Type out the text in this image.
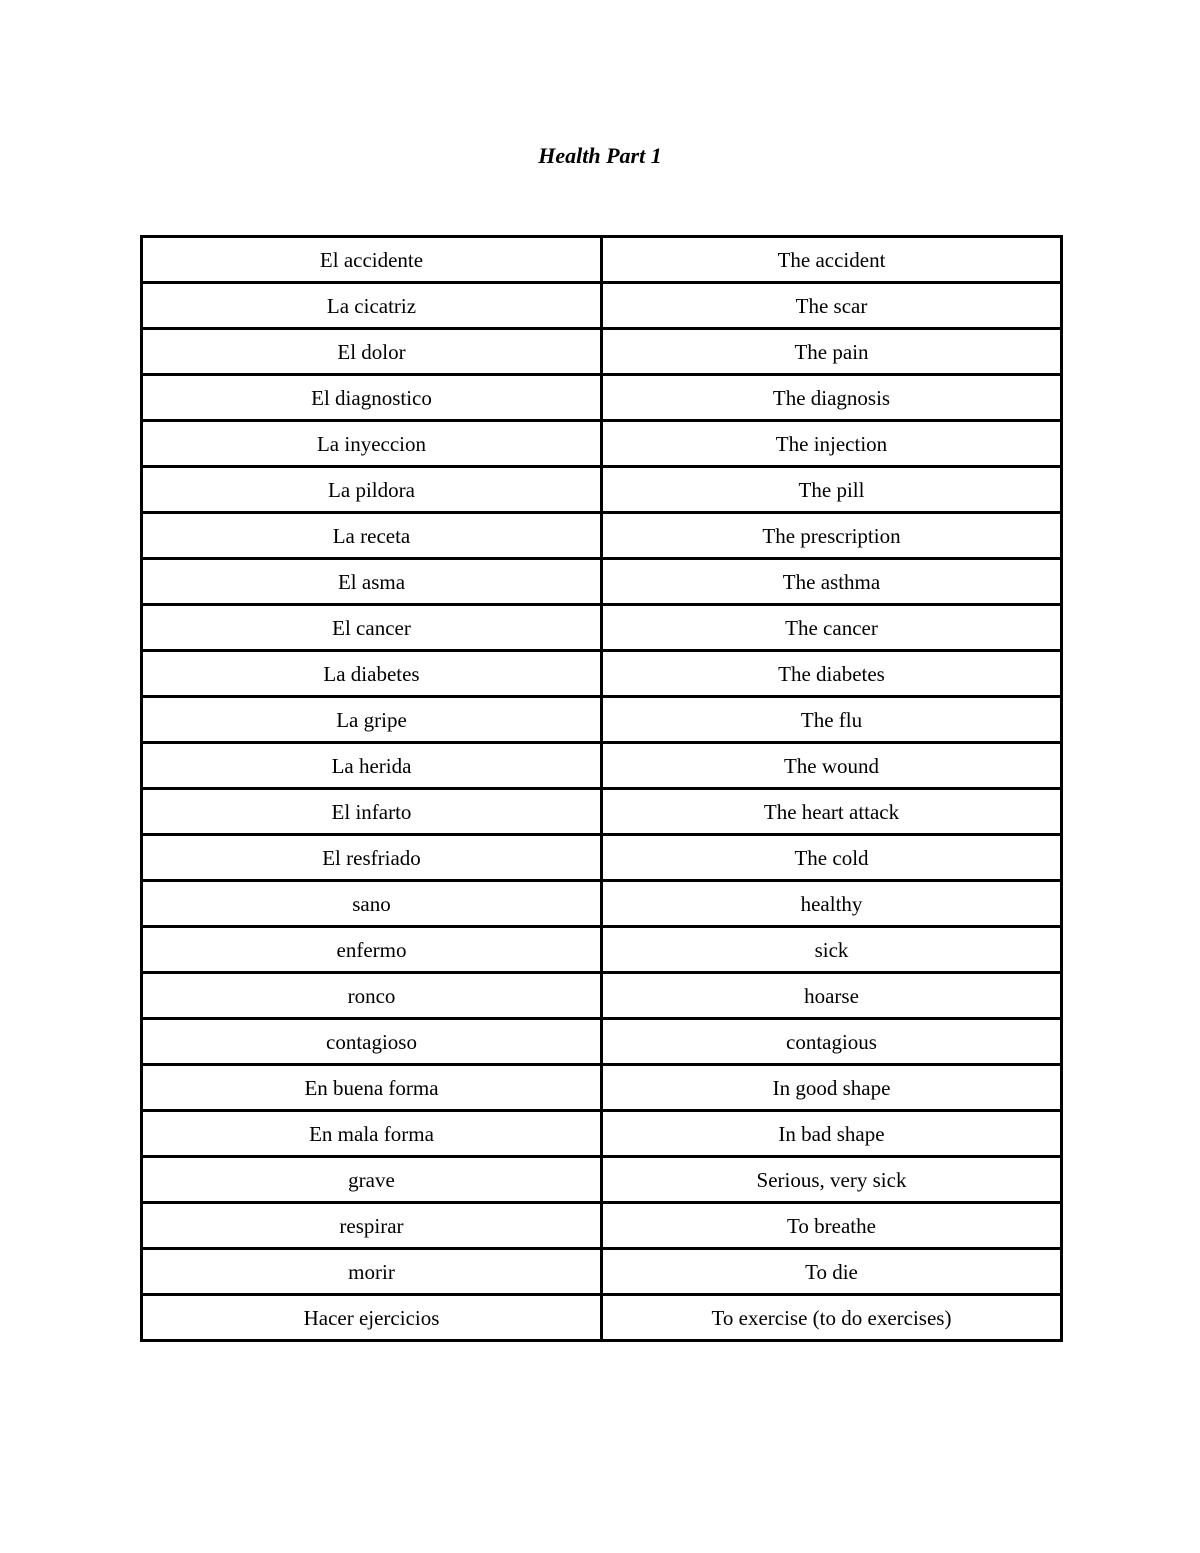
Health Part 1
El accidente	The accident
La cicatriz	The scar
El dolor	The pain
El diagnostico	The diagnosis
La inyeccion	The injection
La pildora	The pill
La receta	The prescription
El asma	The asthma
El cancer	The cancer
La diabetes	The diabetes
La gripe	The flu
La herida	The wound
El infarto	The heart attack
El resfriado	The cold
sano	healthy
enfermo	sick
ronco	hoarse
contagioso	contagious
En buena forma	In good shape
En mala forma	In bad shape
grave	Serious, very sick
respirar	To breathe
morir	To die
Hacer ejercicios	To exercise (to do exercises)
